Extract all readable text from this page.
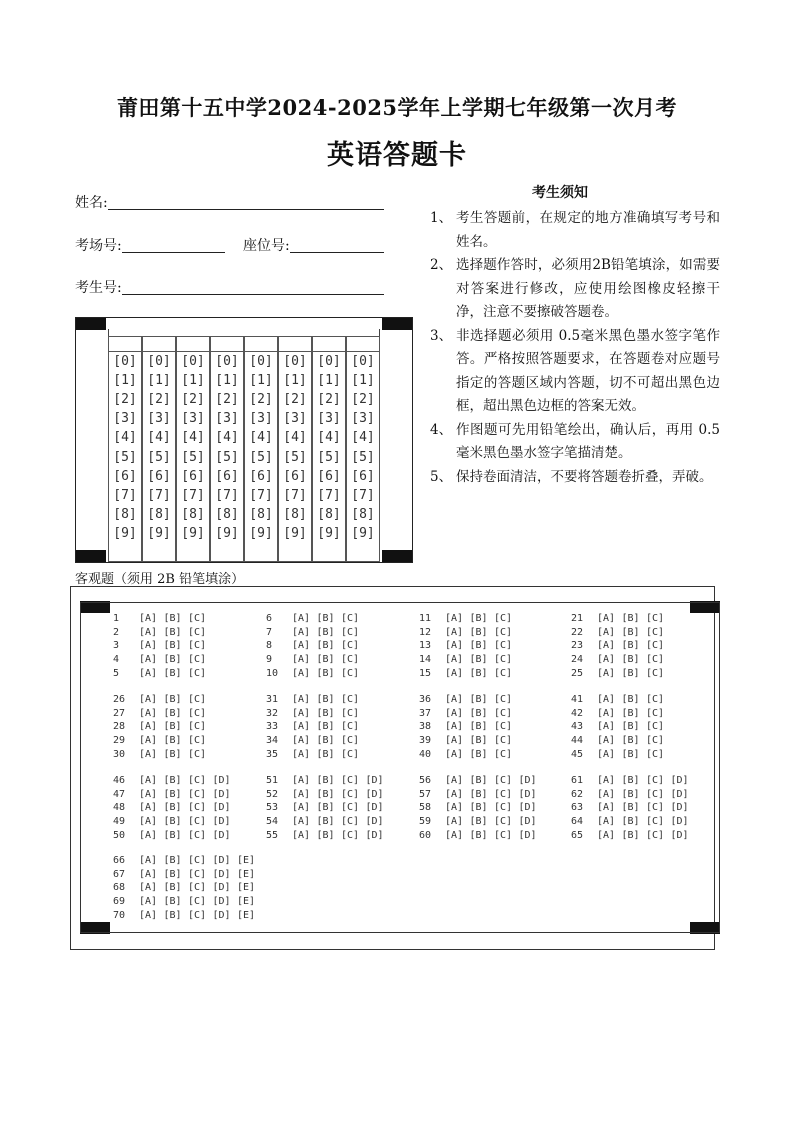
莆田第十五中学2024-2025学年上学期七年级第一次月考
英语答题卡
姓名:
考场号:	座位号:
考生号:
考生须知
1、 考生答题前，在规定的地方准确填写考号和姓名。
2、 选择题作答时，必须用2B铅笔填涂，如需要对答案进行修改，应使用绘图橡皮轻擦干净，注意不要擦破答题卷。
3、 非选择题必须用 0.5毫米黑色墨水签字笔作答。严格按照答题要求，在答题卷对应题号指定的答题区域内答题，切不可超出黑色边框，超出黑色边框的答案无效。
4、 作图题可先用铅笔绘出，确认后，再用 0.5毫米黑色墨水签字笔描清楚。
5、 保持卷面清洁，不要将答题卷折叠，弄破。
[0]
[1]
[2]
[3]
[4]
[5]
[6]
[7]
[8]
[9]
[0]
[1]
[2]
[3]
[4]
[5]
[6]
[7]
[8]
[9]
[0]
[1]
[2]
[3]
[4]
[5]
[6]
[7]
[8]
[9]
[0]
[1]
[2]
[3]
[4]
[5]
[6]
[7]
[8]
[9]
[0]
[1]
[2]
[3]
[4]
[5]
[6]
[7]
[8]
[9]
[0]
[1]
[2]
[3]
[4]
[5]
[6]
[7]
[8]
[9]
[0]
[1]
[2]
[3]
[4]
[5]
[6]
[7]
[8]
[9]
[0]
[1]
[2]
[3]
[4]
[5]
[6]
[7]
[8]
[9]
客观题（须用 2B 铅笔填涂）
1 [A] [B] [C]
2 [A] [B] [C]
3 [A] [B] [C]
4 [A] [B] [C]
5 [A] [B] [C]
6 [A] [B] [C]
7 [A] [B] [C]
8 [A] [B] [C]
9 [A] [B] [C]
10 [A] [B] [C]
11 [A] [B] [C]
12 [A] [B] [C]
13 [A] [B] [C]
14 [A] [B] [C]
15 [A] [B] [C]
21 [A] [B] [C]
22 [A] [B] [C]
23 [A] [B] [C]
24 [A] [B] [C]
25 [A] [B] [C]
26 [A] [B] [C]
27 [A] [B] [C]
28 [A] [B] [C]
29 [A] [B] [C]
30 [A] [B] [C]
31 [A] [B] [C]
32 [A] [B] [C]
33 [A] [B] [C]
34 [A] [B] [C]
35 [A] [B] [C]
36 [A] [B] [C]
37 [A] [B] [C]
38 [A] [B] [C]
39 [A] [B] [C]
40 [A] [B] [C]
41 [A] [B] [C]
42 [A] [B] [C]
43 [A] [B] [C]
44 [A] [B] [C]
45 [A] [B] [C]
46 [A] [B] [C] [D]
47 [A] [B] [C] [D]
48 [A] [B] [C] [D]
49 [A] [B] [C] [D]
50 [A] [B] [C] [D]
51 [A] [B] [C] [D]
52 [A] [B] [C] [D]
53 [A] [B] [C] [D]
54 [A] [B] [C] [D]
55 [A] [B] [C] [D]
56 [A] [B] [C] [D]
57 [A] [B] [C] [D]
58 [A] [B] [C] [D]
59 [A] [B] [C] [D]
60 [A] [B] [C] [D]
61 [A] [B] [C] [D]
62 [A] [B] [C] [D]
63 [A] [B] [C] [D]
64 [A] [B] [C] [D]
65 [A] [B] [C] [D]
66 [A] [B] [C] [D] [E]
67 [A] [B] [C] [D] [E]
68 [A] [B] [C] [D] [E]
69 [A] [B] [C] [D] [E]
70 [A] [B] [C] [D] [E]
